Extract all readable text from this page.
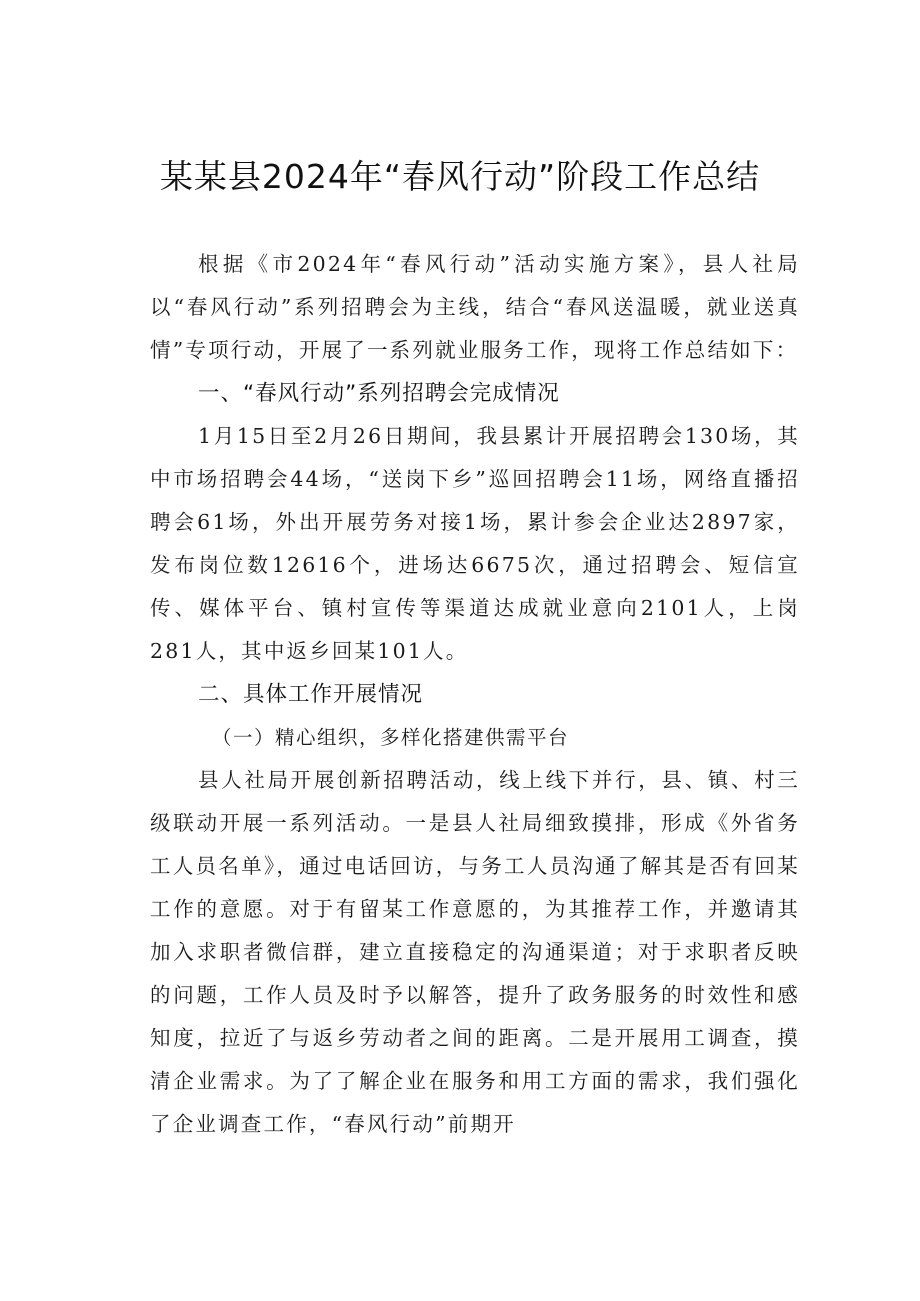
某某县2024年“春风行动”阶段工作总结

根据《市2024年“春风行动”活动实施方案》，县人社局以“春风行动”系列招聘会为主线，结合“春风送温暖，就业送真情”专项行动，开展了一系列就业服务工作，现将工作总结如下：

一、“春风行动”系列招聘会完成情况

1月15日至2月26日期间，我县累计开展招聘会130场，其中市场招聘会44场，“送岗下乡”巡回招聘会11场，网络直播招聘会61场，外出开展劳务对接1场，累计参会企业达2897家，发布岗位数12616个，进场达6675次，通过招聘会、短信宣传、媒体平台、镇村宣传等渠道达成就业意向2101人，上岗281人，其中返乡回某101人。

二、具体工作开展情况

（一）精心组织，多样化搭建供需平台

县人社局开展创新招聘活动，线上线下并行，县、镇、村三级联动开展一系列活动。一是县人社局细致摸排，形成《外省务工人员名单》，通过电话回访，与务工人员沟通了解其是否有回某工作的意愿。对于有留某工作意愿的，为其推荐工作，并邀请其加入求职者微信群，建立直接稳定的沟通渠道；对于求职者反映的问题，工作人员及时予以解答，提升了政务服务的时效性和感知度，拉近了与返乡劳动者之间的距离。二是开展用工调查，摸清企业需求。为了了解企业在服务和用工方面的需求，我们强化了企业调查工作，“春风行动”前期开
